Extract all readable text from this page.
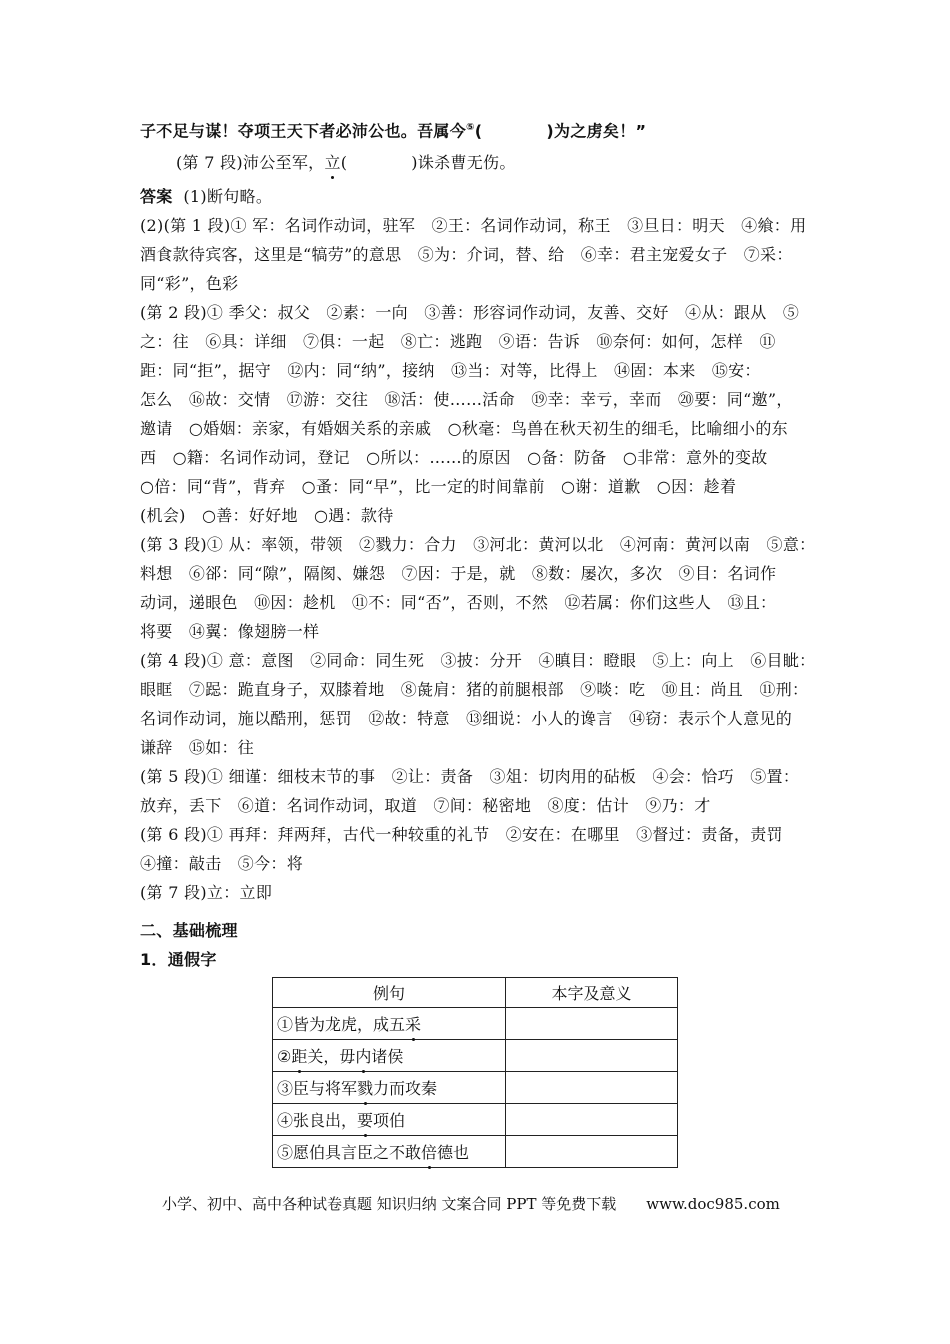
子不足与谋！夺项王天下者必沛公也。吾属今⑤(	)为之虏矣！”
(第 7 段)沛公至军，立(	)诛杀曹无伤。
答案 (1)断句略。
(2)(第 1 段)① 军：名词作动词，驻军　②王：名词作动词，称王　③旦日：明天　④飨：用
酒食款待宾客，这里是“犒劳”的意思　⑤为：介词，替、给　⑥幸：君主宠爱女子　⑦采：
同“彩”，色彩
(第 2 段)① 季父：叔父　②素：一向　③善：形容词作动词，友善、交好　④从：跟从　⑤
之：往　⑥具：详细　⑦俱：一起　⑧亡：逃跑　⑨语：告诉　⑩奈何：如何，怎样　⑪
距：同“拒”，据守　⑫内：同“纳”，接纳　⑬当：对等，比得上　⑭固：本来　⑮安：
怎么　⑯故：交情　⑰游：交往　⑱活：使……活命　⑲幸：幸亏，幸而　⑳要：同“邀”，
邀请　○婚姻：亲家，有婚姻关系的亲戚　○秋毫：鸟兽在秋天初生的细毛，比喻细小的东
西　○籍：名词作动词，登记　○所以：……的原因　○备：防备　○非常：意外的变故
○倍：同“背”，背弃　○蚤：同“早”，比一定的时间靠前　○谢：道歉　○因：趁着
(机会)　○善：好好地　○遇：款待
(第 3 段)① 从：率领，带领　②戮力：合力　③河北：黄河以北　④河南：黄河以南　⑤意：
料想　⑥郤：同“隙”，隔阂、嫌怨　⑦因：于是，就　⑧数：屡次，多次　⑨目：名词作
动词，递眼色　⑩因：趁机　⑪不：同“否”，否则，不然　⑫若属：你们这些人　⑬且：
将要　⑭翼：像翅膀一样
(第 4 段)① 意：意图　②同命：同生死　③披：分开　④瞋目：瞪眼　⑤上：向上　⑥目眦：
眼眶　⑦跽：跪直身子，双膝着地　⑧彘肩：猪的前腿根部　⑨啖：吃　⑩且：尚且　⑪刑：
名词作动词，施以酷刑，惩罚　⑫故：特意　⑬细说：小人的谗言　⑭窃：表示个人意见的
谦辞　⑮如：往
(第 5 段)① 细谨：细枝末节的事　②让：责备　③俎：切肉用的砧板　④会：恰巧　⑤置：
放弃，丢下　⑥道：名词作动词，取道　⑦间：秘密地　⑧度：估计　⑨乃：才
(第 6 段)① 再拜：拜两拜，古代一种较重的礼节　②安在：在哪里　③督过：责备，责罚
④撞：敲击　⑤今：将
(第 7 段)立：立即
二、基础梳理
1．通假字
例句	本字及意义
①皆为龙虎，成五采	
②距关，毋内诸侯	
③臣与将军戮力而攻秦	
④张良出，要项伯	
⑤愿伯具言臣之不敢倍德也	
小学、初中、高中各种试卷真题 知识归纳 文案合同 PPT 等免费下载　　www.doc985.com
